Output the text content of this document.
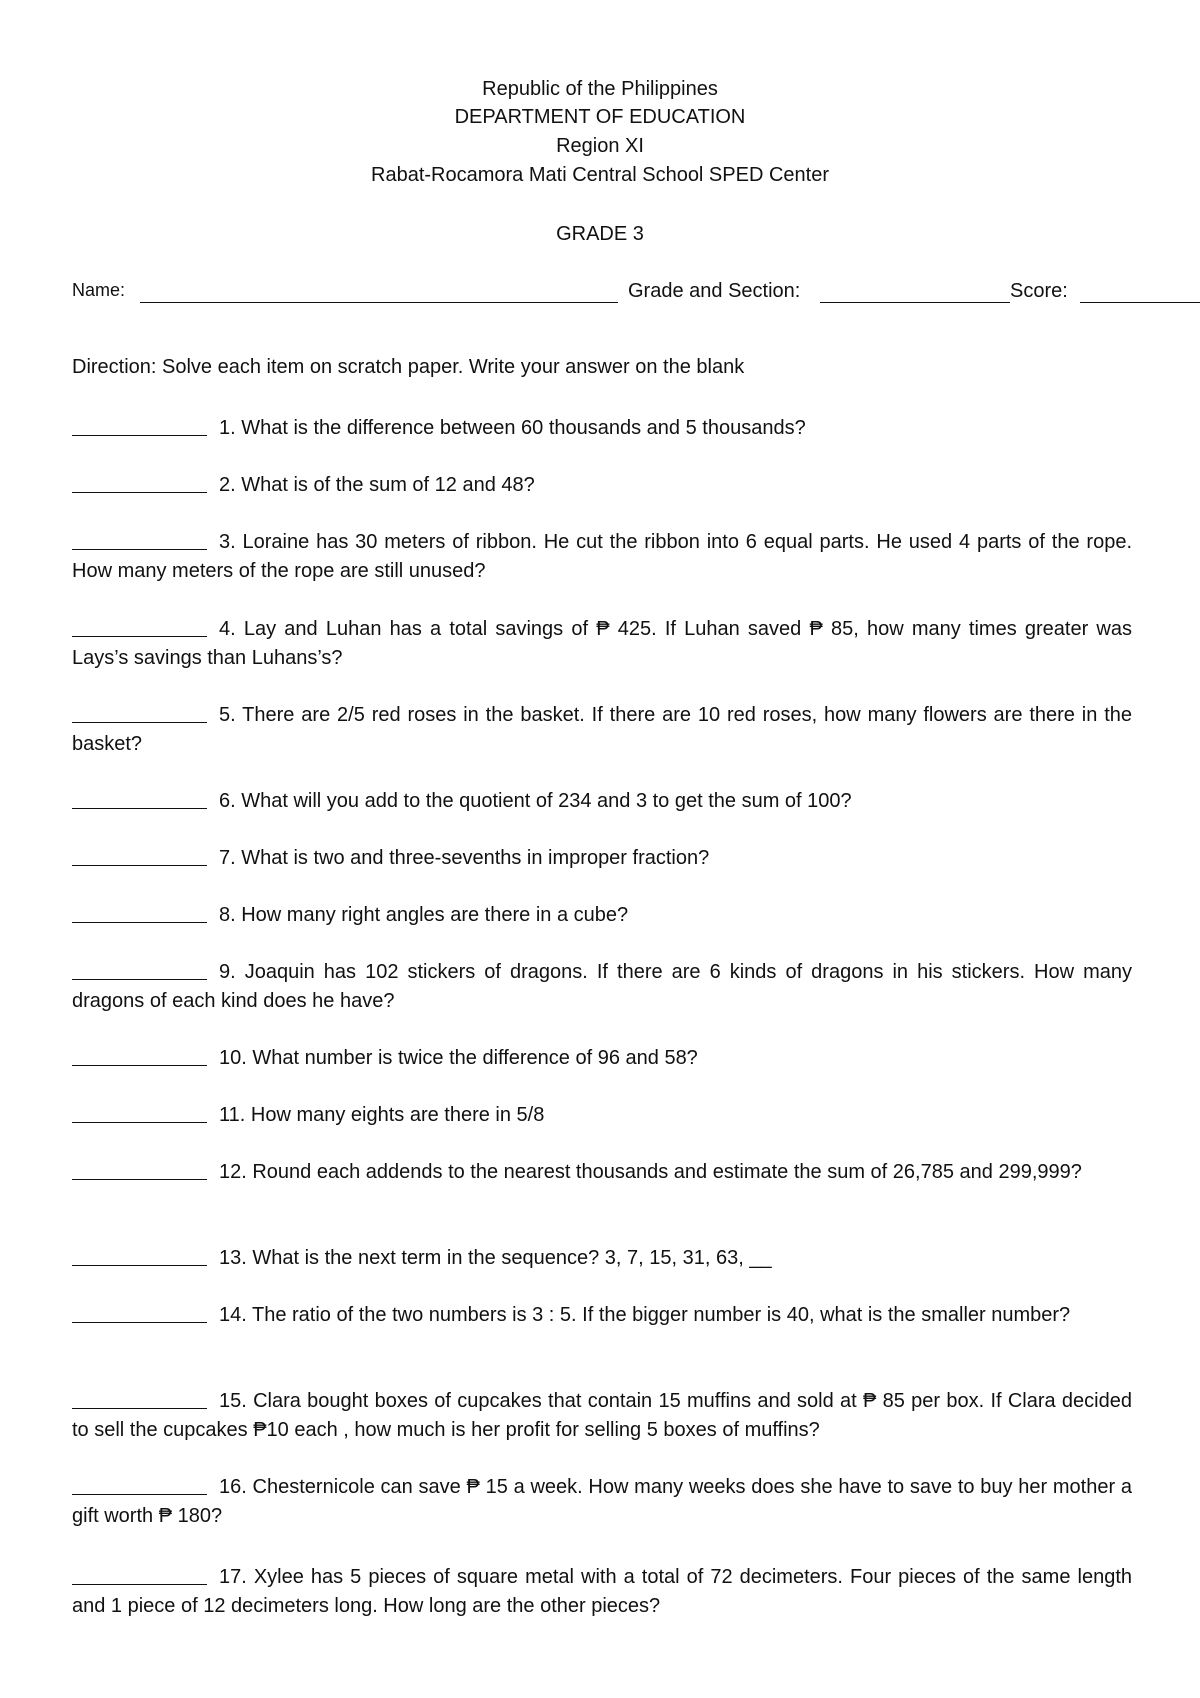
Republic of the Philippines
DEPARTMENT OF EDUCATION
Region XI
Rabat-Rocamora Mati Central School SPED Center
GRADE 3
Name:	Grade and Section:	Score:
Direction: Solve each item on scratch paper. Write your answer on the blank
1. What is the difference between 60 thousands and 5 thousands?
2. What is of the sum of 12 and 48?
3. Loraine has 30 meters of ribbon. He cut the ribbon into 6 equal parts. He used 4 parts of the rope. How many meters of the rope are still unused?
4. Lay and Luhan has a total savings of ₱ 425. If Luhan saved ₱ 85, how many times greater was Lays’s savings than Luhans’s?
5. There are 2/5 red roses in the basket. If there are 10 red roses, how many flowers are there in the basket?
6. What will you add to the quotient of 234 and 3 to get the sum of 100?
7. What is two and three-sevenths in improper fraction?
8. How many right angles are there in a cube?
9. Joaquin has 102 stickers of dragons. If there are 6 kinds of dragons in his stickers. How many dragons of each kind does he have?
10. What number is twice the difference of 96 and 58?
11. How many eights are there in 5/8
12. Round each addends to the nearest thousands and estimate the sum of 26,785 and 299,999?
13. What is the next term in the sequence? 3, 7, 15, 31, 63, __
14. The ratio of the two numbers is 3 : 5. If the bigger number is 40, what is the smaller number?
15. Clara bought boxes of cupcakes that contain 15 muffins and sold at ₱ 85 per box. If Clara decided to sell the cupcakes ₱10 each , how much is her profit for selling 5 boxes of muffins?
16. Chesternicole can save ₱ 15 a week. How many weeks does she have to save to buy her mother a gift worth ₱ 180?
17. Xylee has 5 pieces of square metal with a total of 72 decimeters. Four pieces of the same length and 1 piece of 12 decimeters long. How long are the other pieces?
